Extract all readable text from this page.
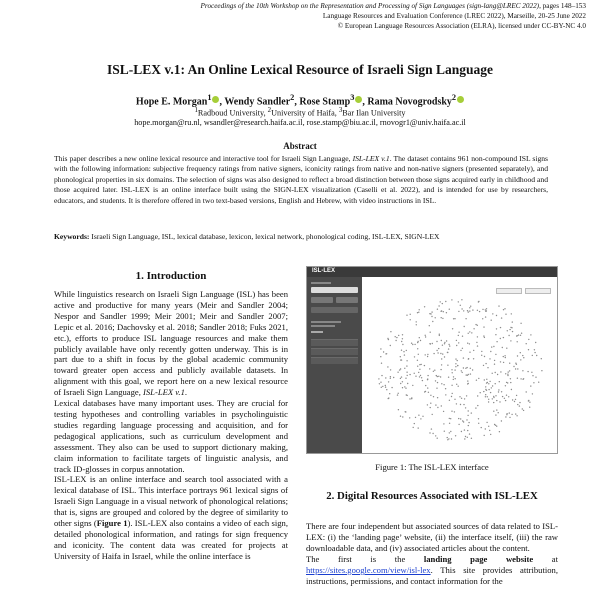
Proceedings of the 10th Workshop on the Representation and Processing of Sign Languages (sign-lang@LREC 2022), pages 148–153
Language Resources and Evaluation Conference (LREC 2022), Marseille, 20-25 June 2022
© European Language Resources Association (ELRA), licensed under CC-BY-NC 4.0
ISL-LEX v.1: An Online Lexical Resource of Israeli Sign Language
Hope E. Morgan$^1$ , Wendy Sandler$^2$, Rose Stamp$^3$ , Rama Novogrodsky$^2$
$^1$Radboud University, $^2$University of Haifa, $^3$Bar Ilan University
hope.morgan@ru.nl, wsandler@research.haifa.ac.il, rose.stamp@biu.ac.il, rnovogr1@univ.haifa.ac.il
Abstract
This paper describes a new online lexical resource and interactive tool for Israeli Sign Language, ISL-LEX v.1. The dataset contains 961 non-compound ISL signs with the following information: subjective frequency ratings from native signers, iconicity ratings from native and non-native signers (presented separately), and phonological properties in six domains. The selection of signs was also designed to reflect a broad distinction between those signs acquired early in childhood and those acquired later. ISL-LEX is an online interface built using the SIGN-LEX visualization (Caselli et al. 2022), and is intended for use by researchers, educators, and students. It is therefore offered in two text-based versions, English and Hebrew, with video instructions in ISL.
Keywords: Israeli Sign Language, ISL, lexical database, lexicon, lexical network, phonological coding, ISL-LEX, SIGN-LEX
1. Introduction

While linguistics research on Israeli Sign Language (ISL) has been active and productive for many years (Meir and Sandler 2004; Nespor and Sandler 1999; Meir 2001; Meir and Sandler 2007; Lepic et al. 2016; Dachovsky et al. 2018; Sandler 2018; Fuks 2021, etc.), efforts to produce ISL language resources and make them publicly available have only recently gotten underway. This is in part due to a shift in focus by the global academic community toward greater open access and publicly available datasets. In alignment with this goal, we report here on a new lexical resource of Israeli Sign Language, ISL-LEX v.1.

Lexical databases have many important uses. They are crucial for testing hypotheses and controlling variables in psycholinguistic studies regarding language processing and acquisition, and for pedagogical applications, such as curriculum development and assessment. They also can be used to support dictionary making, claim information to facilitate targets of linguistic analysis, and track ID-glosses in corpus annotation.

ISL-LEX is an online interface and search tool associated with a lexical database of ISL. This interface portrays 961 lexical signs of Israeli Sign Language in a visual network of phonological relations; that is, signs are grouped and colored by the degree of similarity to other signs (Figure 1). ISL-LEX also contains a video of each sign, detailed phonological information, and ratings for sign frequency and iconicity. The content data was created for projects at University of Haifa in Israel, while the online interface is

ISL-LEX
Figure 1: The ISL-LEX interface
2. Digital Resources Associated with ISL-LEX

There are four independent but associated sources of data related to ISL-LEX: (i) the ‘landing page’ website, (ii) the interface itself, (iii) the raw downloadable data, and (iv) associated articles about the content.

The first is the landing page website at https://sites.google.com/view/isl-lex. This site provides attribution, instructions, permissions, and contact information for the
